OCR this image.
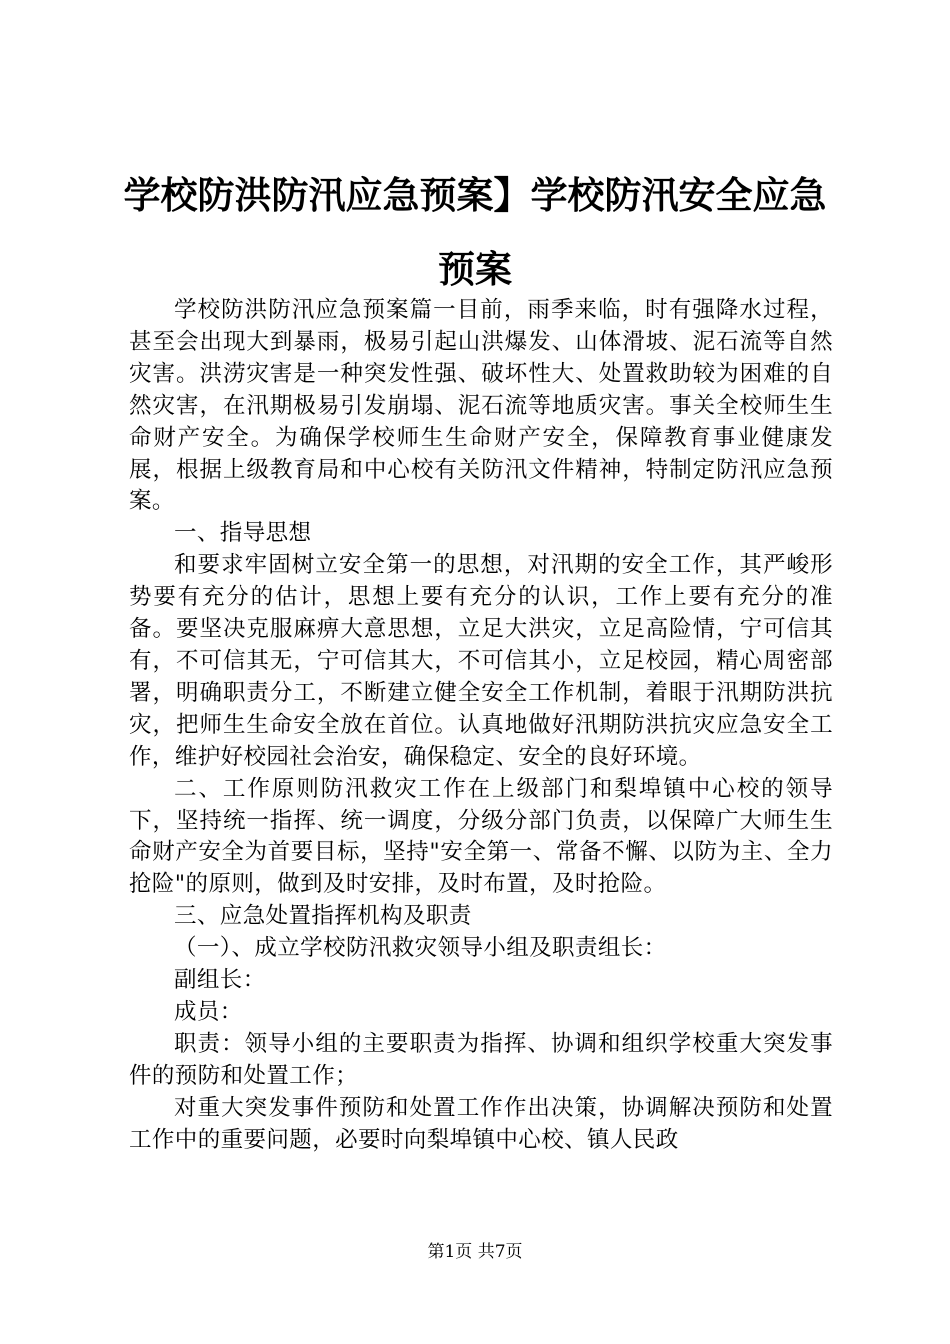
学校防洪防汛应急预案】学校防汛安全应急预案

学校防洪防汛应急预案篇一目前，雨季来临，时有强降水过程，甚至会出现大到暴雨，极易引起山洪爆发、山体滑坡、泥石流等自然灾害。洪涝灾害是一种突发性强、破坏性大、处置救助较为困难的自然灾害，在汛期极易引发崩塌、泥石流等地质灾害。事关全校师生生命财产安全。为确保学校师生生命财产安全，保障教育事业健康发展，根据上级教育局和中心校有关防汛文件精神，特制定防汛应急预案。

一、指导思想

和要求牢固树立安全第一的思想，对汛期的安全工作，其严峻形势要有充分的估计，思想上要有充分的认识，工作上要有充分的准备。要坚决克服麻痹大意思想，立足大洪灾，立足高险情，宁可信其有，不可信其无，宁可信其大，不可信其小，立足校园，精心周密部署，明确职责分工，不断建立健全安全工作机制，着眼于汛期防洪抗灾，把师生生命安全放在首位。认真地做好汛期防洪抗灾应急安全工作，维护好校园社会治安，确保稳定、安全的良好环境。

二、工作原则防汛救灾工作在上级部门和梨埠镇中心校的领导下，坚持统一指挥、统一调度，分级分部门负责，以保障广大师生生命财产安全为首要目标，坚持"安全第一、常备不懈、以防为主、全力抢险"的原则，做到及时安排，及时布置，及时抢险。

三、应急处置指挥机构及职责

（一）、成立学校防汛救灾领导小组及职责组长：

副组长：

成员：

职责：领导小组的主要职责为指挥、协调和组织学校重大突发事件的预防和处置工作；

对重大突发事件预防和处置工作作出决策，协调解决预防和处置工作中的重要问题，必要时向梨埠镇中心校、镇人民政

第1页 共7页
